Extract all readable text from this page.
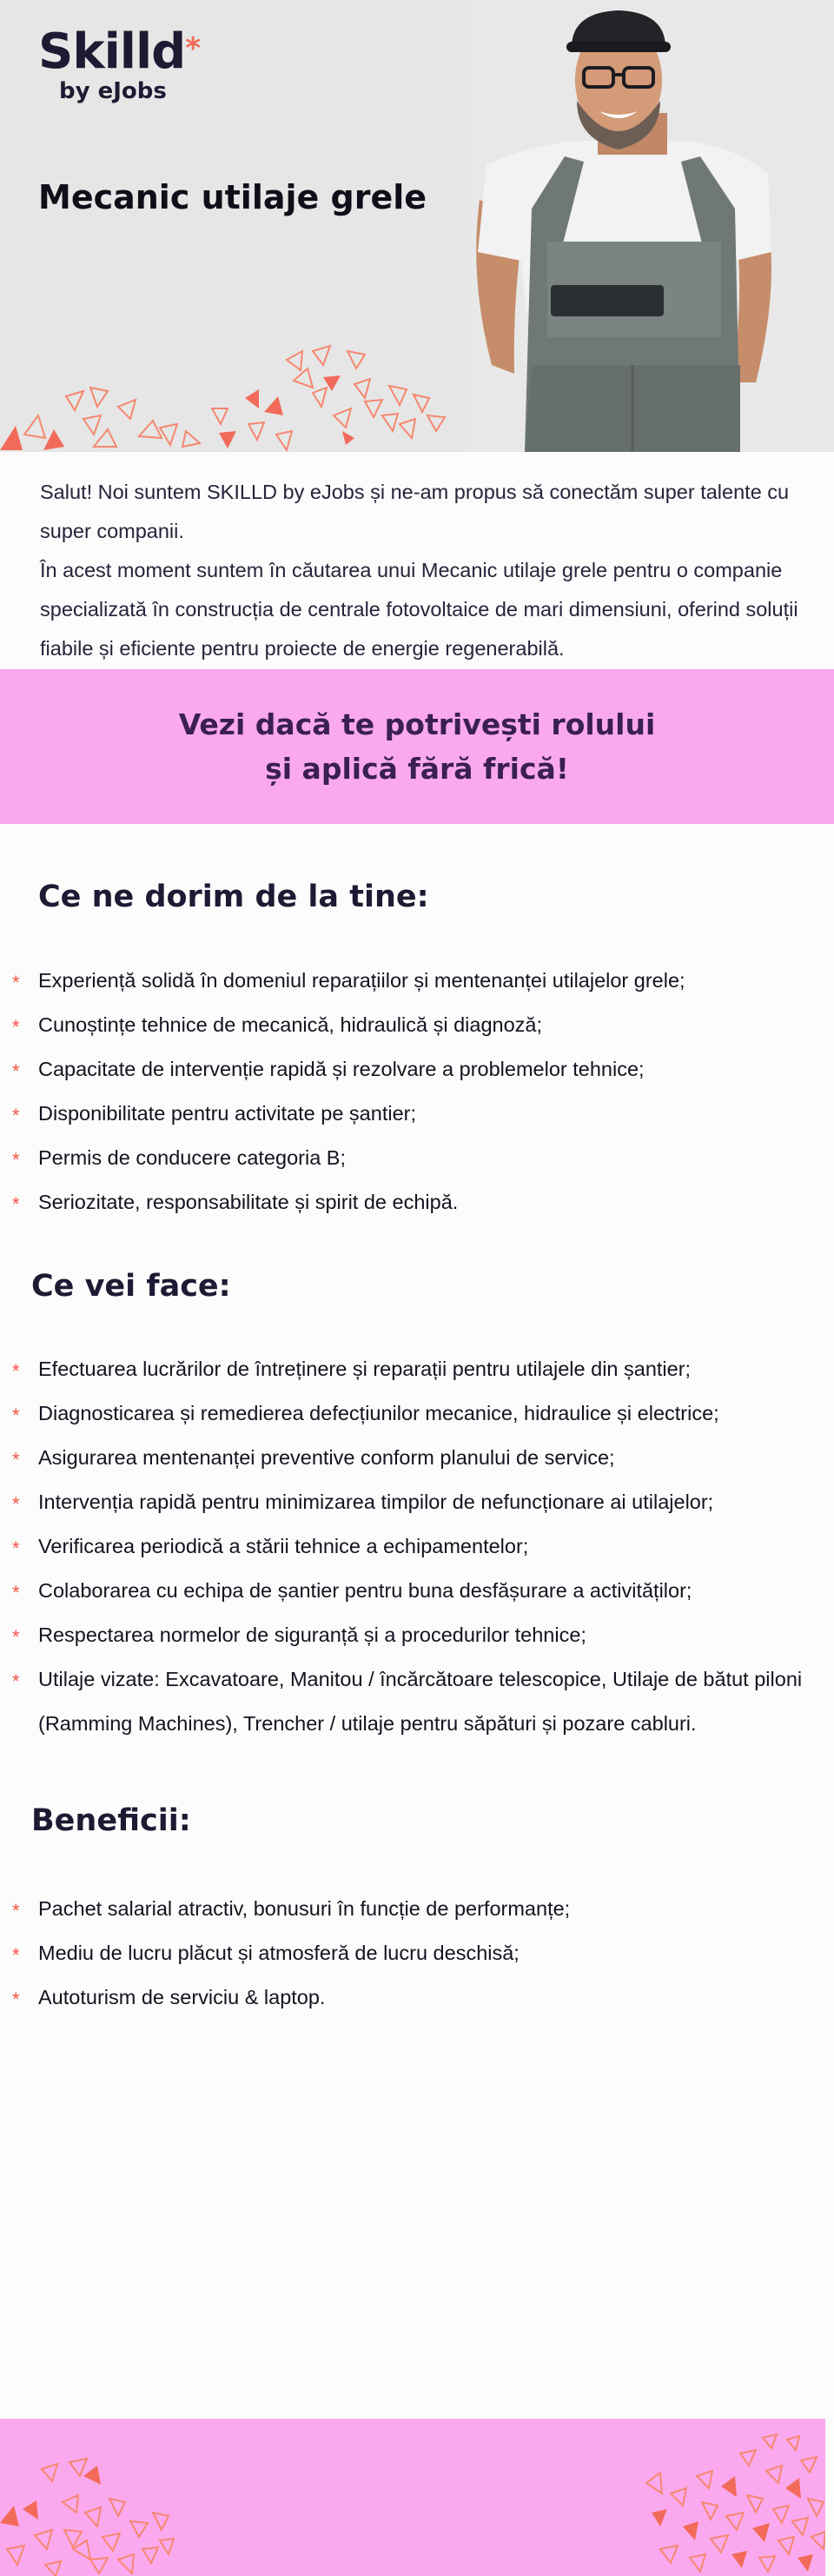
Skilld*
by eJobs
Mecanic utilaje grele

Salut! Noi suntem SKILLD by eJobs și ne-am propus să conectăm super talente cu super companii.

În acest moment suntem în căutarea unui Mecanic utilaje grele pentru o companie specializată în construcția de centrale fotovoltaice de mari dimensiuni, oferind soluții fiabile și eficiente pentru proiecte de energie regenerabilă.

Vezi dacă te potrivești rolului și aplică fără frică!
Ce ne dorim de la tine:
* Experiență solidă în domeniul reparațiilor și mentenanței utilajelor grele;
* Cunoștințe tehnice de mecanică, hidraulică și diagnoză;
* Capacitate de intervenție rapidă și rezolvare a problemelor tehnice;
* Disponibilitate pentru activitate pe șantier;
* Permis de conducere categoria B;
* Seriozitate, responsabilitate și spirit de echipă.
Ce vei face:
* Efectuarea lucrărilor de întreținere și reparații pentru utilajele din șantier;
* Diagnosticarea și remedierea defecțiunilor mecanice, hidraulice și electrice;
* Asigurarea mentenanței preventive conform planului de service;
* Intervenția rapidă pentru minimizarea timpilor de nefuncționare ai utilajelor;
* Verificarea periodică a stării tehnice a echipamentelor;
* Colaborarea cu echipa de șantier pentru buna desfășurare a activităților;
* Respectarea normelor de siguranță și a procedurilor tehnice;
* Utilaje vizate: Excavatoare, Manitou / încărcătoare telescopice, Utilaje de bătut piloni (Ramming Machines), Trencher / utilaje pentru săpături și pozare cabluri.
Beneficii:
* Pachet salarial atractiv, bonusuri în funcție de performanțe;
* Mediu de lucru plăcut și atmosferă de lucru deschisă;
* Autoturism de serviciu & laptop.
